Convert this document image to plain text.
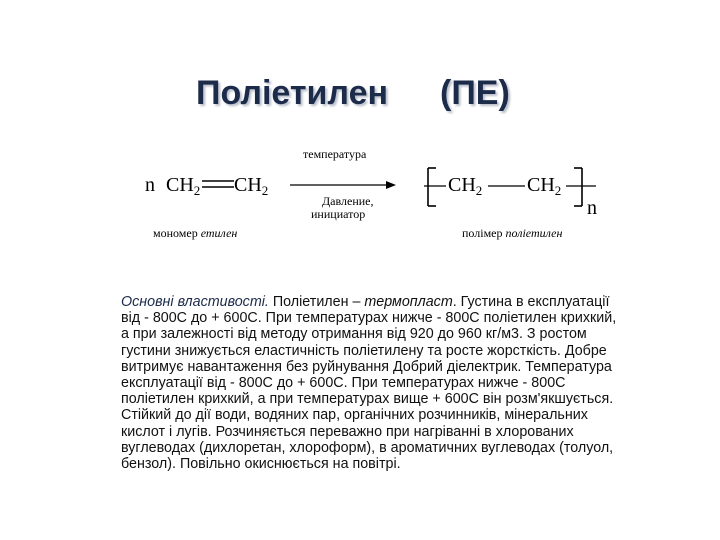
Поліетилен (ПЕ)
n $CH_2$ $CH_2$
температура
Давление,
инициатор
$CH_2$ $CH_2$
n
мономер етилен	полімер поліетилен
Основні властивості. Поліетилен – термопласт. Густина в експлуатації від - 800С до + 600С. При температурах нижче - 800С поліетилен крихкий, а при залежності від методу отримання від 920 до 960 кг/м3. З ростом густини знижується еластичність поліетилену та росте жорсткість. Добре витримує навантаження без руйнування Добрий діелектрик. Температура експлуатації від - 800С до + 600С. При температурах нижче - 800С поліетилен крихкий, а при температурах вище + 600С він розм'якшується. Стійкий до дії води, водяних пар, органічних розчинників, мінеральних кислот і лугів. Розчиняється переважно при нагріванні в хлорованих вуглеводах (дихлоретан, хлороформ), в ароматичних вуглеводах (толуол, бензол). Повільно окиснюється на повітрі.
